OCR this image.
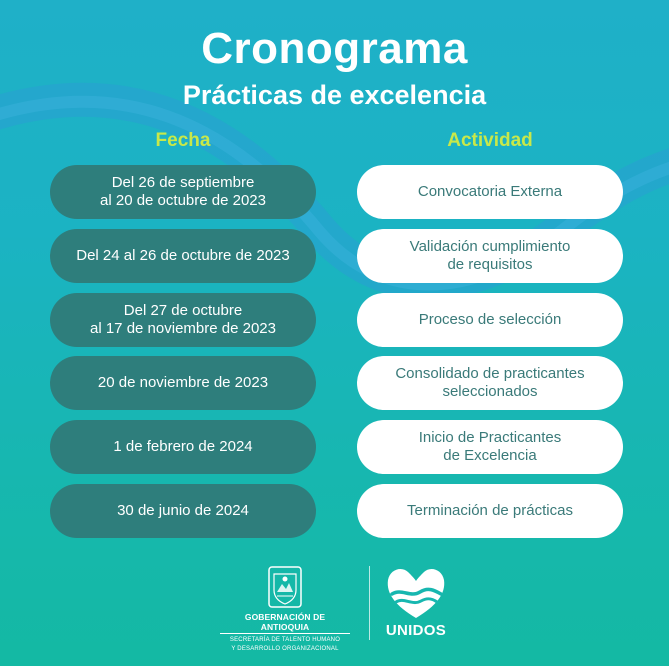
Cronograma
Prácticas de excelencia
Fecha	Actividad
Del 26 de septiembre
al 20 de octubre de 2023
Convocatoria Externa
Del 24 al 26 de octubre de 2023
Validación cumplimiento
de requisitos
Del 27 de octubre
al 17 de noviembre de 2023
Proceso de selección
20 de noviembre de 2023
Consolidado de practicantes
seleccionados
1 de febrero de 2024
Inicio de Practicantes
de Excelencia
30 de junio de 2024	Terminación de prácticas
GOBERNACIÓN DE ANTIOQUIA
SECRETARÍA DE TALENTO HUMANO
Y DESARROLLO ORGANIZACIONAL
UNIDOS
